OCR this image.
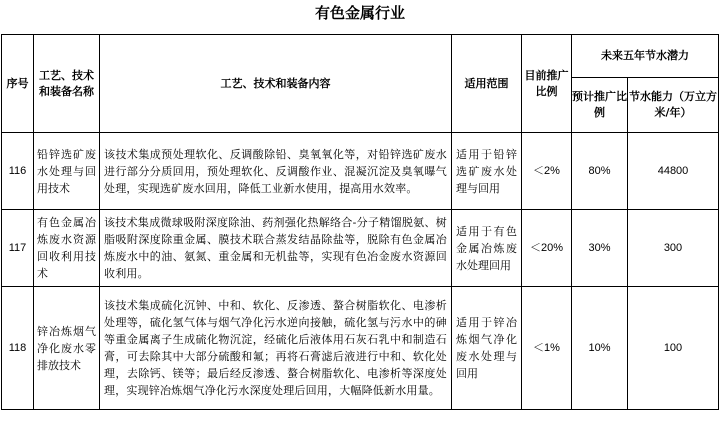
有色金属行业
序号	工艺、技术和装备名称	工艺、技术和装备内容	适用范围	目前推广比例	未来五年节水潜力	
					预计推广比例	节水能力（万立方米/年）
116	铅锌选矿废水处理与回用技术	该技术集成预处理软化、反调酸除铅、臭氧氧化等，对铅锌选矿废水进行部分分质回用，预处理软化、反调酸作业、混凝沉淀及臭氧曝气处理，实现选矿废水回用，降低工业新水使用，提高用水效率。	适用于铅锌选矿废水处理与回用	＜2%	80%	44800
117	有色金属冶炼废水资源回收利用技术	该技术集成微球吸附深度除油、药剂强化热解络合-分子精馏脱氨、树脂吸附深度除重金属、膜技术联合蒸发结晶除盐等，脱除有色金属冶炼废水中的油、氨氮、重金属和无机盐等，实现有色冶金废水资源回收利用。	适用于有色金属冶炼废水处理回用	＜20%	30%	300
118	锌冶炼烟气净化废水零排放技术	该技术集成硫化沉钟、中和、软化、反渗透、螯合树脂软化、电渗析处理等，硫化氢气体与烟气净化污水逆向接触，硫化氢与污水中的砷等重金属离子生成硫化物沉淀，经硫化后液体用石灰石乳中和制造石膏，可去除其中大部分硫酸和氟；再将石膏滤后液进行中和、软化处理，去除钙、镁等；最后经反渗透、螯合树脂软化、电渗析等深度处理，实现锌冶炼烟气净化污水深度处理后回用，大幅降低新水用量。	适用于锌冶炼烟气净化废水处理与回用	＜1%	10%	100
